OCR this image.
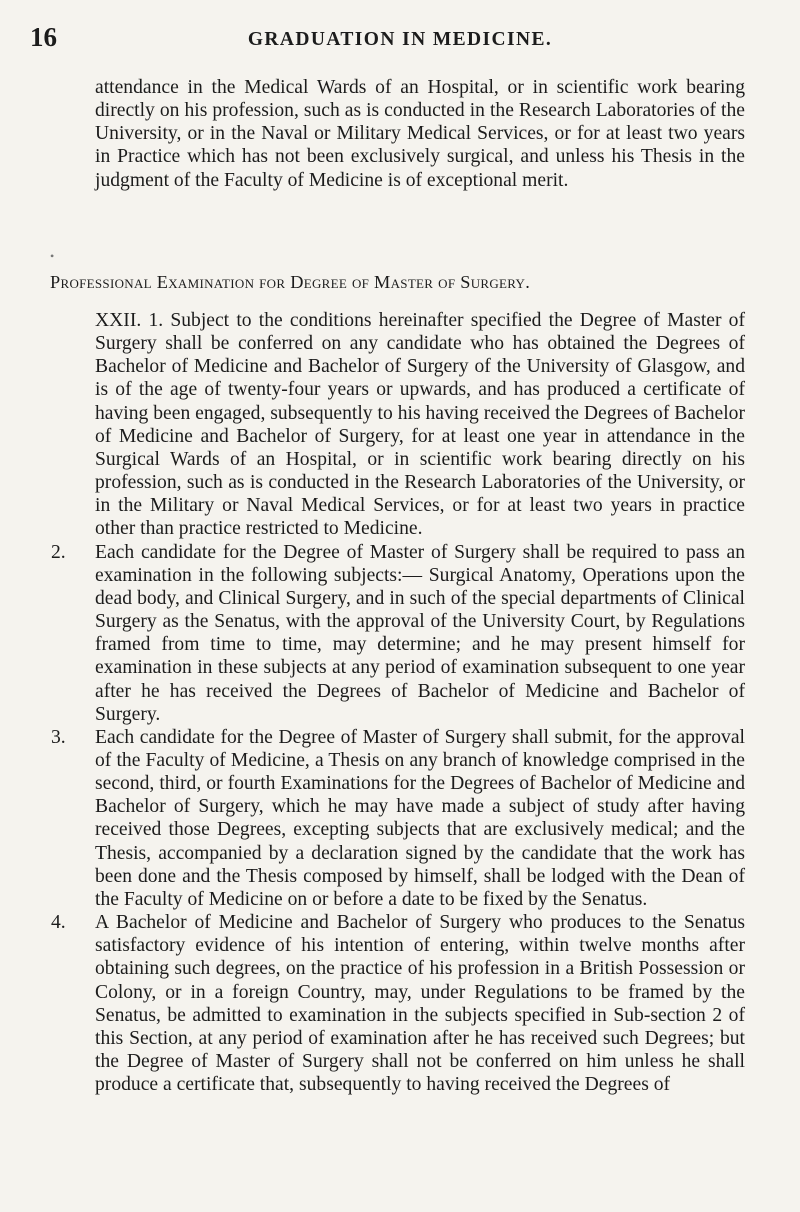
16	GRADUATION IN MEDICINE.

attendance in the Medical Wards of an Hospital, or in scientific work bearing directly on his profession, such as is conducted in the Research Laboratories of the University, or in the Naval or Military Medical Services, or for at least two years in Practice which has not been exclusively surgical, and unless his Thesis in the judgment of the Faculty of Medicine is of exceptional merit.

•
Professional Examination for Degree of Master of Surgery.

XXII. 1. Subject to the conditions hereinafter specified the Degree of Master of Surgery shall be conferred on any candidate who has obtained the Degrees of Bachelor of Medicine and Bachelor of Surgery of the University of Glasgow, and is of the age of twenty-four years or upwards, and has produced a certificate of having been engaged, subsequently to his having received the Degrees of Bachelor of Medicine and Bachelor of Surgery, for at least one year in attendance in the Surgical Wards of an Hospital, or in scientific work bearing directly on his profession, such as is conducted in the Research Laboratories of the University, or in the Military or Naval Medical Services, or for at least two years in practice other than practice restricted to Medicine.

2.	Each candidate for the Degree of Master of Surgery shall be required to pass an examination in the following subjects:— Surgical Anatomy, Operations upon the dead body, and Clinical Surgery, and in such of the special departments of Clinical Surgery as the Senatus, with the approval of the University Court, by Regulations framed from time to time, may determine; and he may present himself for examination in these subjects at any period of examination subsequent to one year after he has received the Degrees of Bachelor of Medicine and Bachelor of Surgery.

3.	Each candidate for the Degree of Master of Surgery shall submit, for the approval of the Faculty of Medicine, a Thesis on any branch of knowledge comprised in the second, third, or fourth Examinations for the Degrees of Bachelor of Medicine and Bachelor of Surgery, which he may have made a subject of study after having received those Degrees, excepting subjects that are exclusively medical; and the Thesis, accompanied by a declaration signed by the candidate that the work has been done and the Thesis composed by himself, shall be lodged with the Dean of the Faculty of Medicine on or before a date to be fixed by the Senatus.

4.	A Bachelor of Medicine and Bachelor of Surgery who produces to the Senatus satisfactory evidence of his intention of entering, within twelve months after obtaining such degrees, on the practice of his profession in a British Possession or Colony, or in a foreign Country, may, under Regulations to be framed by the Senatus, be admitted to examination in the subjects specified in Sub-section 2 of this Section, at any period of examination after he has received such Degrees; but the Degree of Master of Surgery shall not be conferred on him unless he shall produce a certificate that, subsequently to having received the Degrees of
